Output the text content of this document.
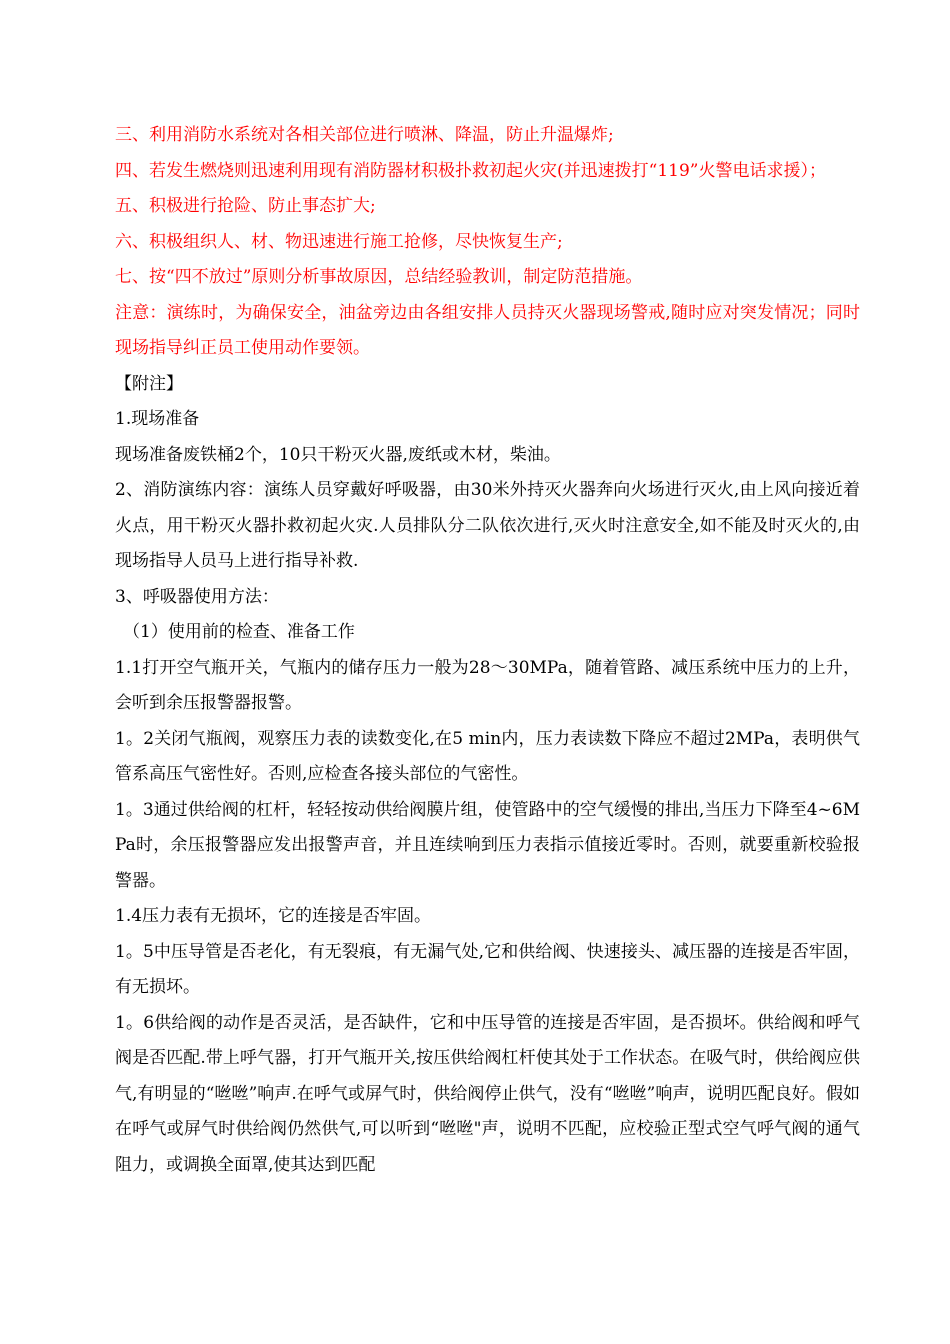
三、利用消防水系统对各相关部位进行喷淋、降温，防止升温爆炸;

四、若发生燃烧则迅速利用现有消防器材积极扑救初起火灾(并迅速拨打“119”火警电话求援）；

五、积极进行抢险、防止事态扩大;

六、积极组织人、材、物迅速进行施工抢修，尽快恢复生产;

七、按“四不放过”原则分析事故原因，总结经验教训，制定防范措施。

注意：演练时，为确保安全，油盆旁边由各组安排人员持灭火器现场警戒,随时应对突发情况；同时现场指导纠正员工使用动作要领。

【附注】

1.现场准备

现场准备废铁桶2个，10只干粉灭火器,废纸或木材，柴油。

2、消防演练内容：演练人员穿戴好呼吸器，由30米外持灭火器奔向火场进行灭火,由上风向接近着火点，用干粉灭火器扑救初起火灾.人员排队分二队依次进行,灭火时注意安全,如不能及时灭火的,由现场指导人员马上进行指导补救.

3、呼吸器使用方法：

（1）使用前的检查、准备工作

1.1打开空气瓶开关，气瓶内的储存压力一般为28～30MPa，随着管路、减压系统中压力的上升，会听到余压报警器报警。

1。2关闭气瓶阀，观察压力表的读数变化,在5 min内，压力表读数下降应不超过2MPa，表明供气管系高压气密性好。否则,应检查各接头部位的气密性。

1。3通过供给阀的杠杆，轻轻按动供给阀膜片组，使管路中的空气缓慢的排出,当压力下降至4~6MPa时，余压报警器应发出报警声音，并且连续响到压力表指示值接近零时。否则，就要重新校验报警器。

1.4压力表有无损坏，它的连接是否牢固。

1。5中压导管是否老化，有无裂痕，有无漏气处,它和供给阀、快速接头、减压器的连接是否牢固，有无损坏。

1。6供给阀的动作是否灵活，是否缺件，它和中压导管的连接是否牢固，是否损坏。供给阀和呼气阀是否匹配.带上呼气器，打开气瓶开关,按压供给阀杠杆使其处于工作状态。在吸气时，供给阀应供气,有明显的“咝咝”响声.在呼气或屏气时，供给阀停止供气，没有“咝咝”响声，说明匹配良好。假如在呼气或屏气时供给阀仍然供气,可以听到“咝咝"声，说明不匹配，应校验正型式空气呼气阀的通气阻力，或调换全面罩,使其达到匹配
